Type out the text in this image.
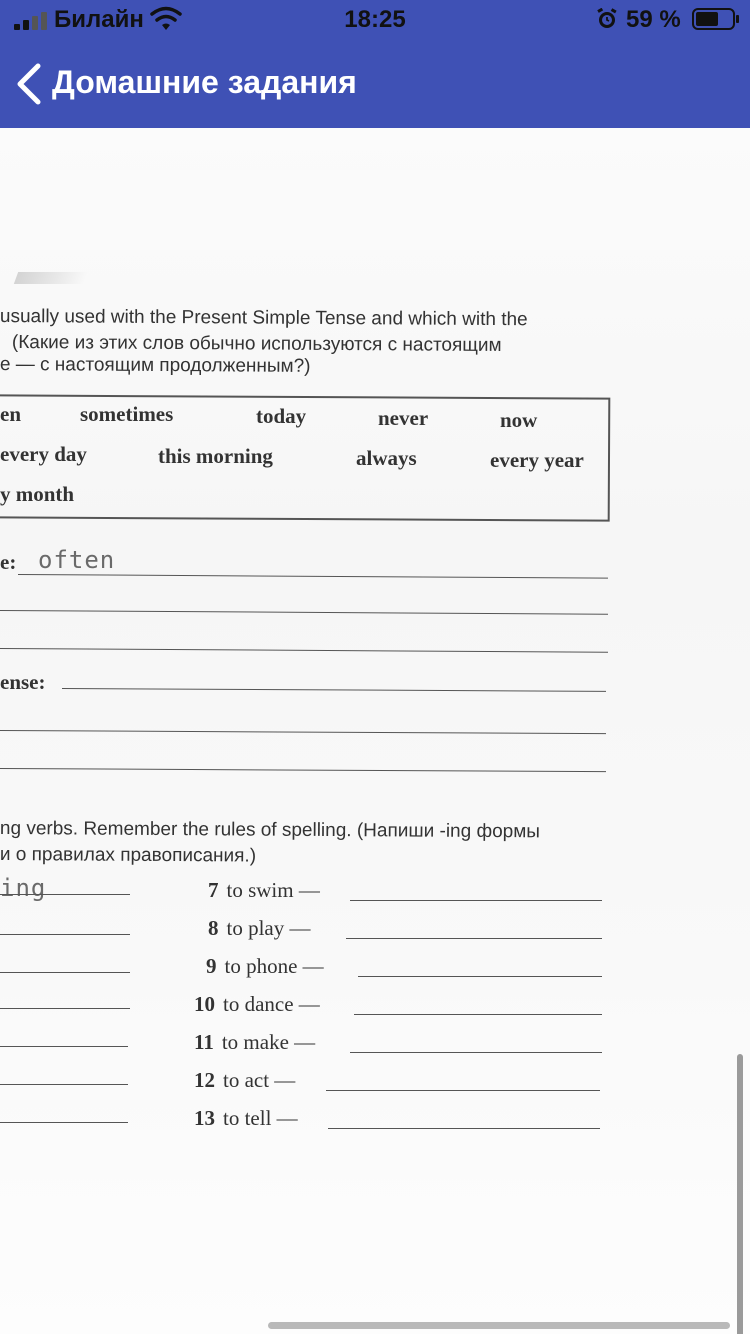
Билайн	18:25	59 %
Домашние задания
usually used with the Present Simple Tense and which with the
(Какие из этих слов обычно используются с настоящим
е — с настоящим продолженным?)
en	sometimes	today	never	now
every day	this morning	always	every year
y month
e: often
ense:
ng verbs. Remember the rules of spelling. (Напиши -ing формы
и о правилах правописания.)
ing	7 to swim —
8 to play —
9 to phone —
10 to dance —
11 to make —
12 to act —
13 to tell —
